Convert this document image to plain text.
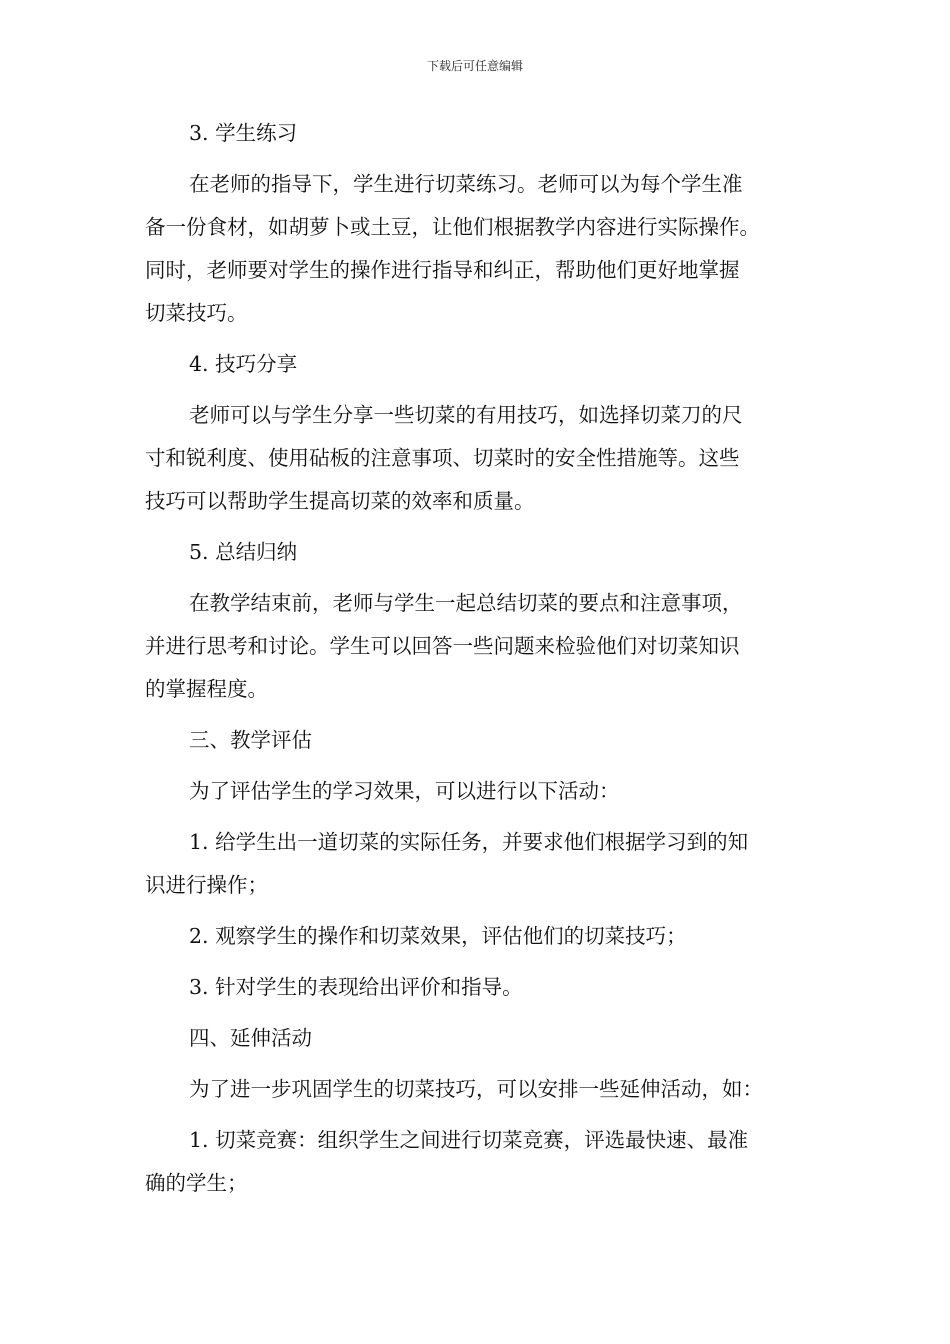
下载后可任意编辑
3. 学生练习
在老师的指导下，学生进行切菜练习。老师可以为每个学生准
备一份食材，如胡萝卜或土豆，让他们根据教学内容进行实际操作。
同时，老师要对学生的操作进行指导和纠正，帮助他们更好地掌握
切菜技巧。
4. 技巧分享
老师可以与学生分享一些切菜的有用技巧，如选择切菜刀的尺
寸和锐利度、使用砧板的注意事项、切菜时的安全性措施等。这些
技巧可以帮助学生提高切菜的效率和质量。
5. 总结归纳
在教学结束前，老师与学生一起总结切菜的要点和注意事项，
并进行思考和讨论。学生可以回答一些问题来检验他们对切菜知识
的掌握程度。
三、教学评估
为了评估学生的学习效果，可以进行以下活动：
1. 给学生出一道切菜的实际任务，并要求他们根据学习到的知
识进行操作；
2. 观察学生的操作和切菜效果，评估他们的切菜技巧；
3. 针对学生的表现给出评价和指导。
四、延伸活动
为了进一步巩固学生的切菜技巧，可以安排一些延伸活动，如：
1. 切菜竞赛：组织学生之间进行切菜竞赛，评选最快速、最准
确的学生；
